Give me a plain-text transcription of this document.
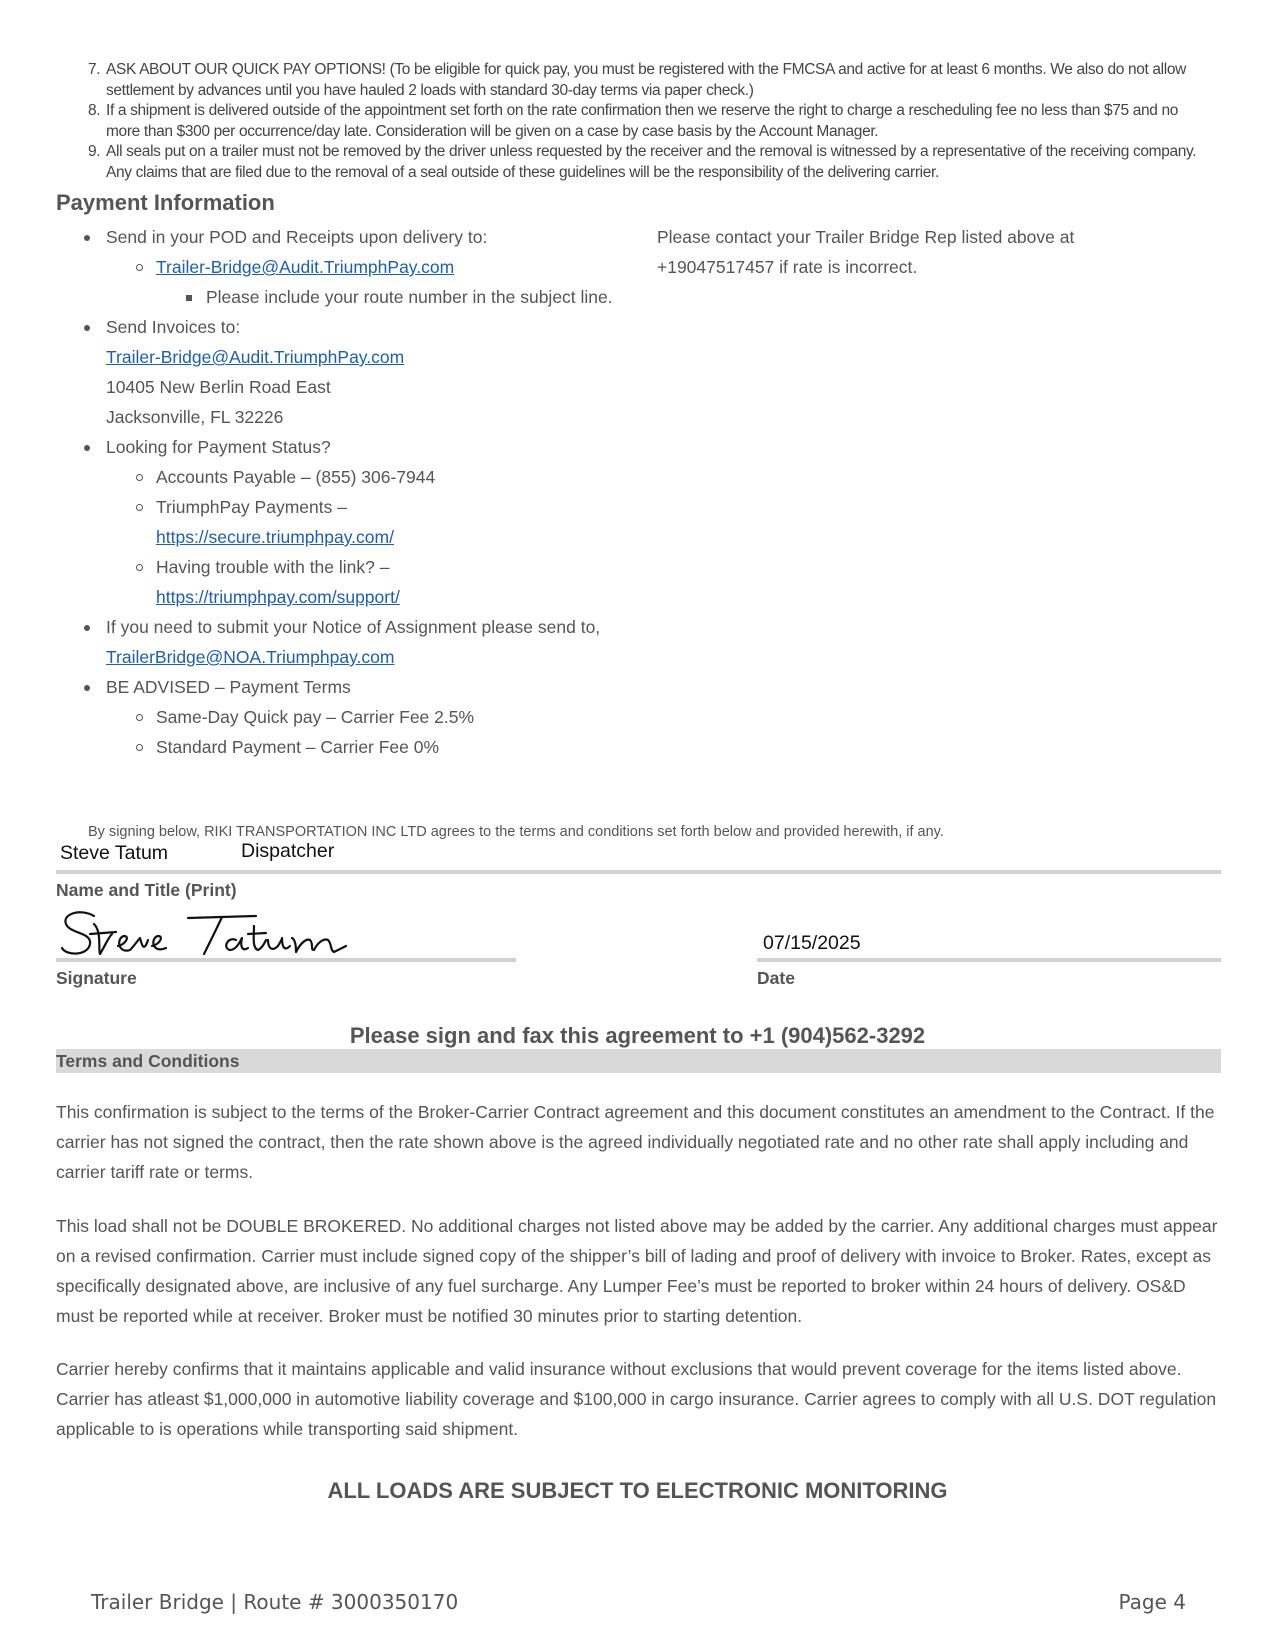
7. ASK ABOUT OUR QUICK PAY OPTIONS! (To be eligible for quick pay, you must be registered with the FMCSA and active for at least 6 months. We also do not allow settlement by advances until you have hauled 2 loads with standard 30-day terms via paper check.)
8. If a shipment is delivered outside of the appointment set forth on the rate confirmation then we reserve the right to charge a rescheduling fee no less than $75 and no more than $300 per occurrence/day late. Consideration will be given on a case by case basis by the Account Manager.
9. All seals put on a trailer must not be removed by the driver unless requested by the receiver and the removal is witnessed by a representative of the receiving company. Any claims that are filed due to the removal of a seal outside of these guidelines will be the responsibility of the delivering carrier.
Payment Information
Send in your POD and Receipts upon delivery to:
Trailer-Bridge@Audit.TriumphPay.com
Please include your route number in the subject line.
Send Invoices to:
Trailer-Bridge@Audit.TriumphPay.com
10405 New Berlin Road East
Jacksonville, FL 32226
Looking for Payment Status?
Accounts Payable – (855) 306-7944
TriumphPay Payments –
https://secure.triumphpay.com/
Having trouble with the link? –
https://triumphpay.com/support/
If you need to submit your Notice of Assignment please send to, TrailerBridge@NOA.Triumphpay.com
BE ADVISED – Payment Terms
Same-Day Quick pay – Carrier Fee 2.5%
Standard Payment – Carrier Fee 0%
Please contact your Trailer Bridge Rep listed above at +19047517457 if rate is incorrect.
By signing below, RIKI TRANSPORTATION INC LTD agrees to the terms and conditions set forth below and provided herewith, if any.
Steve Tatum	Dispatcher
Name and Title (Print)
Signature
07/15/2025
Date
Please sign and fax this agreement to +1 (904)562-3292
Terms and Conditions

This confirmation is subject to the terms of the Broker-Carrier Contract agreement and this document constitutes an amendment to the Contract. If the carrier has not signed the contract, then the rate shown above is the agreed individually negotiated rate and no other rate shall apply including and carrier tariff rate or terms.

This load shall not be DOUBLE BROKERED. No additional charges not listed above may be added by the carrier. Any additional charges must appear on a revised confirmation. Carrier must include signed copy of the shipper’s bill of lading and proof of delivery with invoice to Broker. Rates, except as specifically designated above, are inclusive of any fuel surcharge. Any Lumper Fee’s must be reported to broker within 24 hours of delivery. OS&D must be reported while at receiver. Broker must be notified 30 minutes prior to starting detention.

Carrier hereby confirms that it maintains applicable and valid insurance without exclusions that would prevent coverage for the items listed above. Carrier has atleast $1,000,000 in automotive liability coverage and $100,000 in cargo insurance. Carrier agrees to comply with all U.S. DOT regulation applicable to is operations while transporting said shipment.

ALL LOADS ARE SUBJECT TO ELECTRONIC MONITORING
Trailer Bridge | Route # 3000350170	Page 4
